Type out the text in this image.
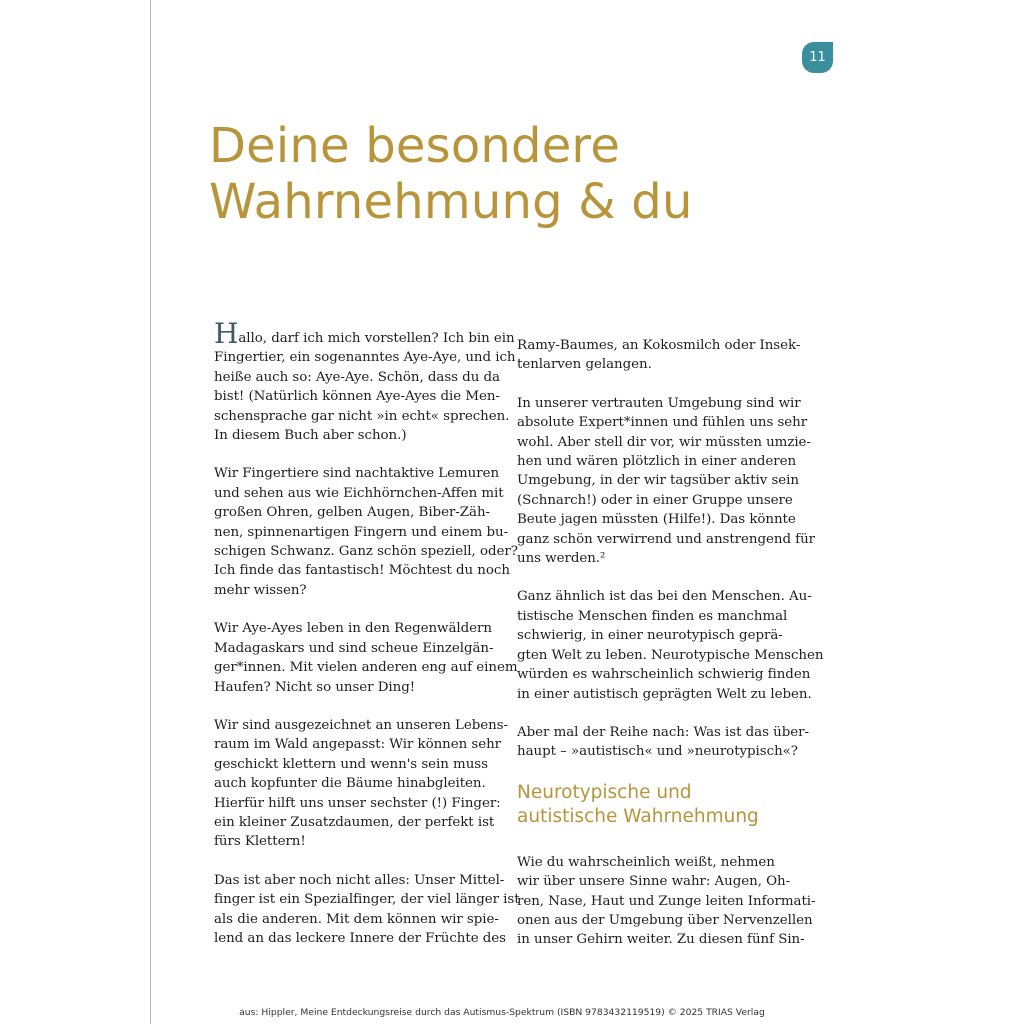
11
Deine besondere
Wahrnehmung & du

Hallo, darf ich mich vorstellen? Ich bin ein
Fingertier, ein sogenanntes Aye-Aye, und ich
heiße auch so: Aye-Aye. Schön, dass du da
bist! (Natürlich können Aye-Ayes die Men-
schensprache gar nicht »in echt« sprechen.
In diesem Buch aber schon.)

Wir Fingertiere sind nachtaktive Lemuren
und sehen aus wie Eichhörnchen-Affen mit
großen Ohren, gelben Augen, Biber-Zäh-
nen, spinnenartigen Fingern und einem bu-
schigen Schwanz. Ganz schön speziell, oder?
Ich finde das fantastisch! Möchtest du noch
mehr wissen?

Wir Aye-Ayes leben in den Regenwäldern
Madagaskars und sind scheue Einzelgän-
ger*innen. Mit vielen anderen eng auf einem
Haufen? Nicht so unser Ding!

Wir sind ausgezeichnet an unseren Lebens-
raum im Wald angepasst: Wir können sehr
geschickt klettern und wenn's sein muss
auch kopfunter die Bäume hinabgleiten.
Hierfür hilft uns unser sechster (!) Finger:
ein kleiner Zusatzdaumen, der perfekt ist
fürs Klettern!

Das ist aber noch nicht alles: Unser Mittel-
finger ist ein Spezialfinger, der viel länger ist
als die anderen. Mit dem können wir spie-
lend an das leckere Innere der Früchte des

Ramy-Baumes, an Kokosmilch oder Insek-
tenlarven gelangen.

In unserer vertrauten Umgebung sind wir
absolute Expert*innen und fühlen uns sehr
wohl. Aber stell dir vor, wir müssten umzie-
hen und wären plötzlich in einer anderen
Umgebung, in der wir tagsüber aktiv sein
(Schnarch!) oder in einer Gruppe unsere
Beute jagen müssten (Hilfe!). Das könnte
ganz schön verwirrend und anstrengend für
uns werden.²

Ganz ähnlich ist das bei den Menschen. Au-
tistische Menschen finden es manchmal
schwierig, in einer neurotypisch geprä-
gten Welt zu leben. Neurotypische Menschen
würden es wahrscheinlich schwierig finden
in einer autistisch geprägten Welt zu leben.

Aber mal der Reihe nach: Was ist das über-
haupt – »autistisch« und »neurotypisch«?

Neurotypische und
autistische Wahrnehmung

Wie du wahrscheinlich weißt, nehmen
wir über unsere Sinne wahr: Augen, Oh-
ren, Nase, Haut und Zunge leiten Informati-
onen aus der Umgebung über Nervenzellen
in unser Gehirn weiter. Zu diesen fünf Sin-

aus: Hippler, Meine Entdeckungsreise durch das Autismus-Spektrum (ISBN 9783432119519) © 2025 TRIAS Verlag
